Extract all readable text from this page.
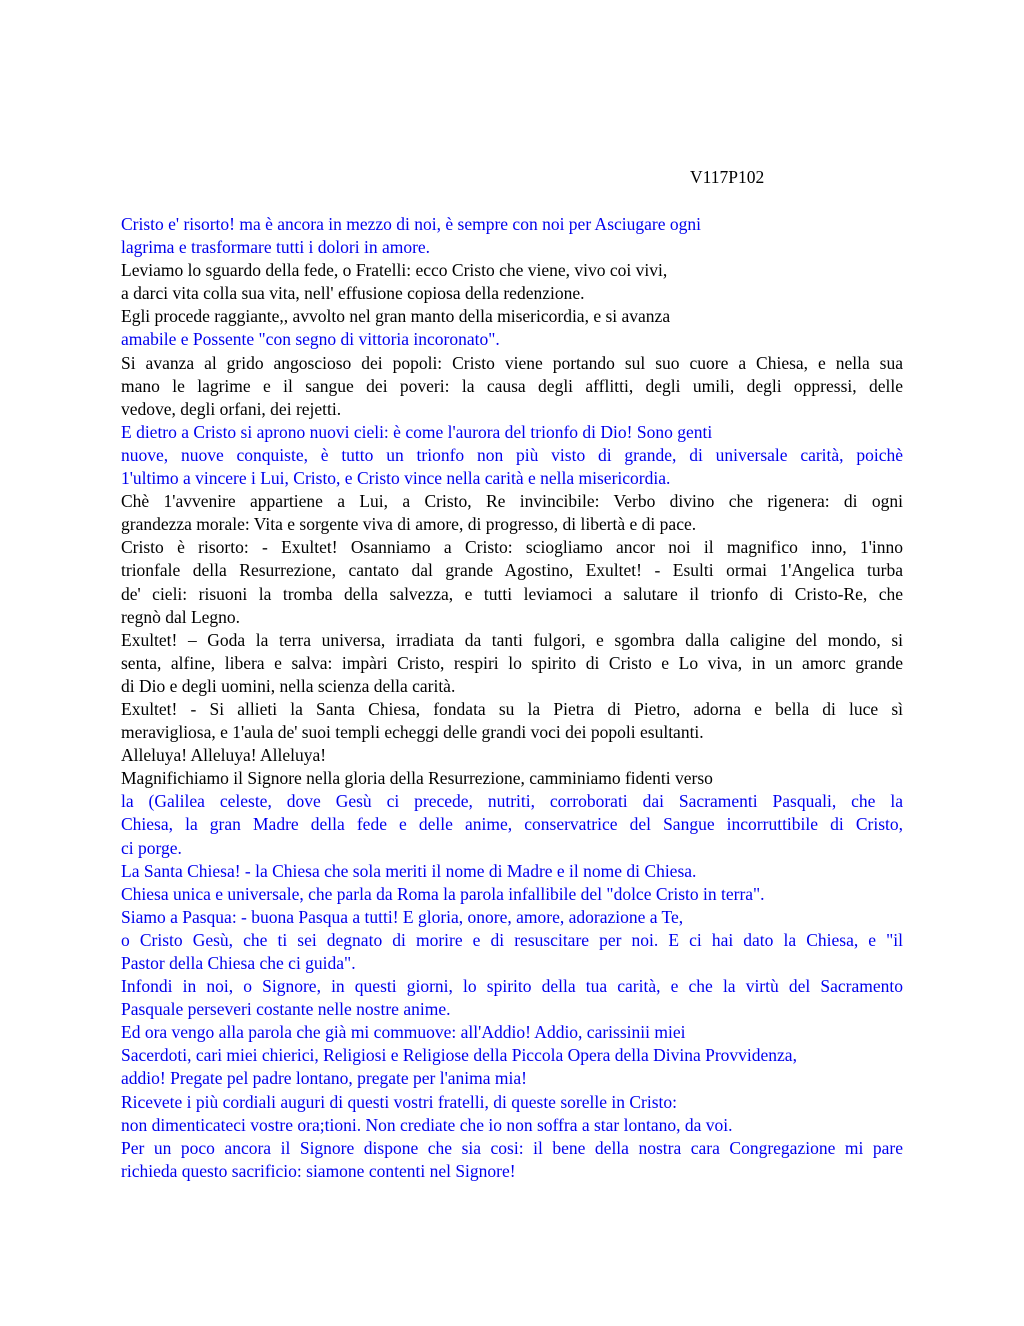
V117P102
Cristo e' risorto! ma è ancora in mezzo di noi, è sempre con noi per Asciugare ogni
lagrima e trasformare tutti i dolori in amore.
Leviamo lo sguardo della fede, o Fratelli: ecco Cristo che viene, vivo coi vivi,
a darci vita colla sua vita, nell' effusione copiosa della redenzione.
Egli procede raggiante,, avvolto nel gran manto della misericordia, e si avanza
amabile e Possente "con segno di vittoria incoronato".
Si avanza al grido angoscioso dei popoli: Cristo viene portando sul suo cuore a Chiesa, e nella sua
mano le lagrime e il sangue dei poveri: la causa degli afflitti, degli umili, degli oppressi, delle
vedove, degli orfani, dei rejetti.
E dietro a Cristo si aprono nuovi cieli: è come l'aurora del trionfo di Dio! Sono genti
nuove, nuove conquiste, è tutto un trionfo non più visto di grande, di universale carità, poichè
1'ultimo a vincere i Lui, Cristo, e Cristo vince nella carità e nella misericordia.
Chè 1'avvenire appartiene a Lui, a Cristo, Re invincibile: Verbo divino che rigenera: di ogni
grandezza morale: Vita e sorgente viva di amore, di progresso, di libertà e di pace.
Cristo è risorto: - Exultet! Osanniamo a Cristo: sciogliamo ancor noi il magnifico inno, 1'inno
trionfale della Resurrezione, cantato dal grande Agostino, Exultet! - Esulti ormai 1'Angelica turba
de' cieli: risuoni la tromba della salvezza, e tutti leviamoci a salutare il trionfo di Cristo-Re, che
regnò dal Legno.
Exultet! – Goda la terra universa, irradiata da tanti fulgori, e sgombra dalla caligine del mondo, si
senta, alfine, libera e salva: impàri Cristo, respiri lo spirito di Cristo e Lo viva, in un amorc grande
di Dio e degli uomini, nella scienza della carità.
Exultet! - Si allieti la Santa Chiesa, fondata su la Pietra di Pietro, adorna e bella di luce sì
meravigliosa, e 1'aula de' suoi templi echeggi delle grandi voci dei popoli esultanti.
Alleluya! Alleluya! Alleluya!
Magnifichiamo il Signore nella gloria della Resurrezione, camminiamo fidenti verso
la (Galilea celeste, dove Gesù ci precede, nutriti, corroborati dai Sacramenti Pasquali, che la
Chiesa, la gran Madre della fede e delle anime, conservatrice del Sangue incorruttibile di Cristo,
ci porge.
La Santa Chiesa! - la Chiesa che sola meriti il nome di Madre e il nome di Chiesa.
Chiesa unica e universale, che parla da Roma la parola infallibile del "dolce Cristo in terra".
Siamo a Pasqua: - buona Pasqua a tutti! E gloria, onore, amore, adorazione a Te,
o Cristo Gesù, che ti sei degnato di morire e di resuscitare per noi. E ci hai dato la Chiesa, e "il
Pastor della Chiesa che ci guida".
Infondi in noi, o Signore, in questi giorni, lo spirito della tua carità, e che la virtù del Sacramento
Pasquale perseveri costante nelle nostre anime.
Ed ora vengo alla parola che già mi commuove: all'Addio! Addio, carissinii miei
Sacerdoti, cari miei chierici, Religiosi e Religiose della Piccola Opera della Divina Provvidenza,
addio! Pregate pel padre lontano, pregate per l'anima mia!
Ricevete i più cordiali auguri di questi vostri fratelli, di queste sorelle in Cristo:
non dimenticateci vostre ora;tioni. Non crediate che io non soffra a star lontano, da voi.
Per un poco ancora il Signore dispone che sia cosi: il bene della nostra cara Congregazione mi pare
richieda questo sacrificio: siamone contenti nel Signore!
